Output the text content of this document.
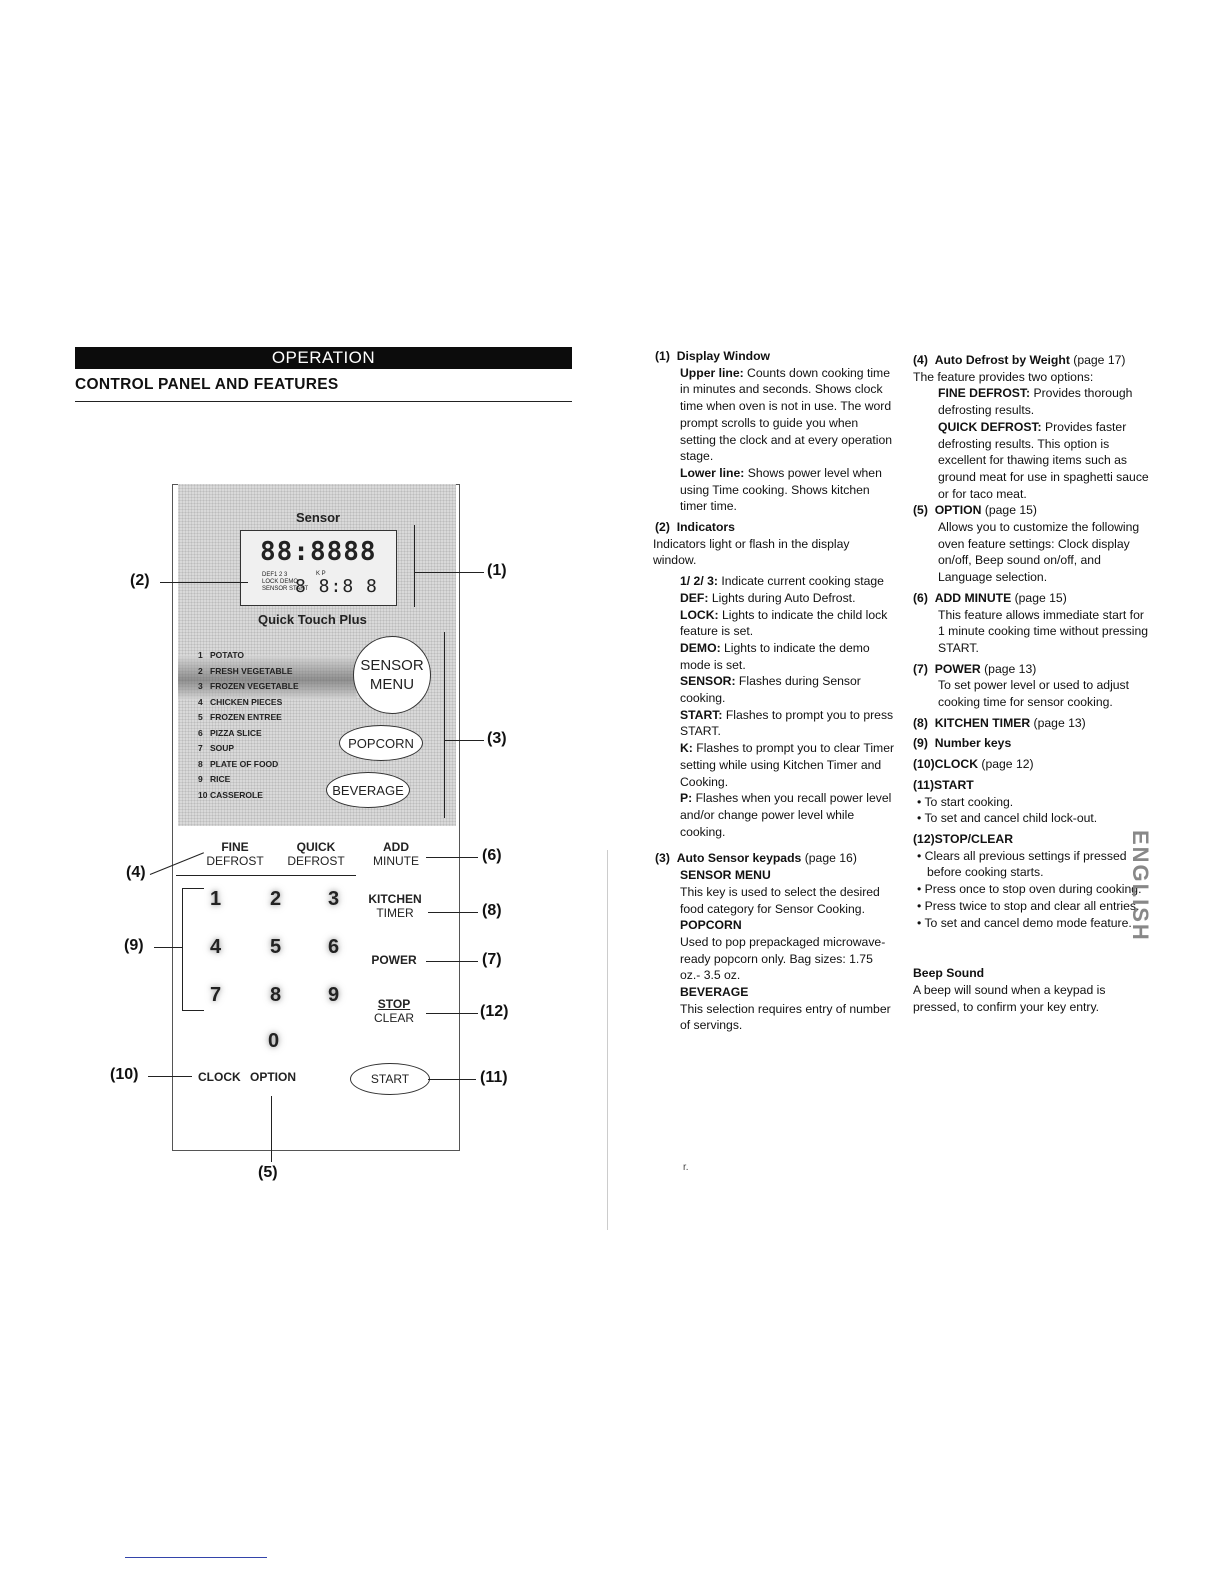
OPERATION
CONTROL PANEL AND FEATURES
Sensor
88:8888
DEF1 2 3
LOCK DEMO
SENSOR START
K P
8 8:8 8
Quick Touch Plus
1 POTATO
2 FRESH VEGETABLE
3 FROZEN VEGETABLE
4 CHICKEN PIECES
5 FROZEN ENTREE
6 PIZZA SLICE
7 SOUP
8 PLATE OF FOOD
9 RICE
10 CASSEROLE
SENSOR
MENU
POPCORN
BEVERAGE
FINE
DEFROST
QUICK
DEFROST
ADD
MINUTE
1 2 3	KITCHEN
TIMER
4 5 6
POWER
7 8 9	STOP
CLEAR
0
CLOCK OPTION	START
(1)
(2)
(3)
(4)
(5)
(6)
(7)
(8)
(9)
(10)	(11)
(12)

(1) Display Window

Upper line: Counts down cooking time in minutes and seconds. Shows clock time when oven is not in use. The word prompt scrolls to guide you when setting the clock and at every operation stage.

Lower line: Shows power level when using Time cooking. Shows kitchen timer time.

(2) Indicators

Indicators light or flash in the display window.

1/ 2/ 3: Indicate current cooking stage

DEF: Lights during Auto Defrost.

LOCK: Lights to indicate the child lock feature is set.

DEMO: Lights to indicate the demo mode is set.

SENSOR: Flashes during Sensor cooking.

START: Flashes to prompt you to press START.

K: Flashes to prompt you to clear Timer setting while using Kitchen Timer and Cooking.

P: Flashes when you recall power level and/or change power level while cooking.

(3) Auto Sensor keypads (page 16)

SENSOR MENU

This key is used to select the desired food category for Sensor Cooking.

POPCORN

Used to pop prepackaged microwave-ready popcorn only. Bag sizes: 1.75 oz.- 3.5 oz.

BEVERAGE

This selection requires entry of number of servings.

(4) Auto Defrost by Weight (page 17)

The feature provides two options:

FINE DEFROST: Provides thorough defrosting results.

QUICK DEFROST: Provides faster defrosting results. This option is excellent for thawing items such as ground meat for use in spaghetti sauce or for taco meat.

(5) OPTION (page 15)

Allows you to customize the following oven feature settings: Clock display on/off, Beep sound on/off, and Language selection.

(6) ADD MINUTE (page 15)

This feature allows immediate start for 1 minute cooking time without pressing START.

(7) POWER (page 13)

To set power level or used to adjust cooking time for sensor cooking.

(8) KITCHEN TIMER (page 13)

(9) Number keys

(10)CLOCK (page 12)

(11)START

• To start cooking.

• To set and cancel child lock-out.

(12)STOP/CLEAR

• Clears all previous settings if pressed before cooking starts.

• Press once to stop oven during cooking.

• Press twice to stop and clear all entries.

• To set and cancel demo mode feature.

Beep Sound

A beep will sound when a keypad is pressed, to confirm your key entry.

ENGLISH
r.
